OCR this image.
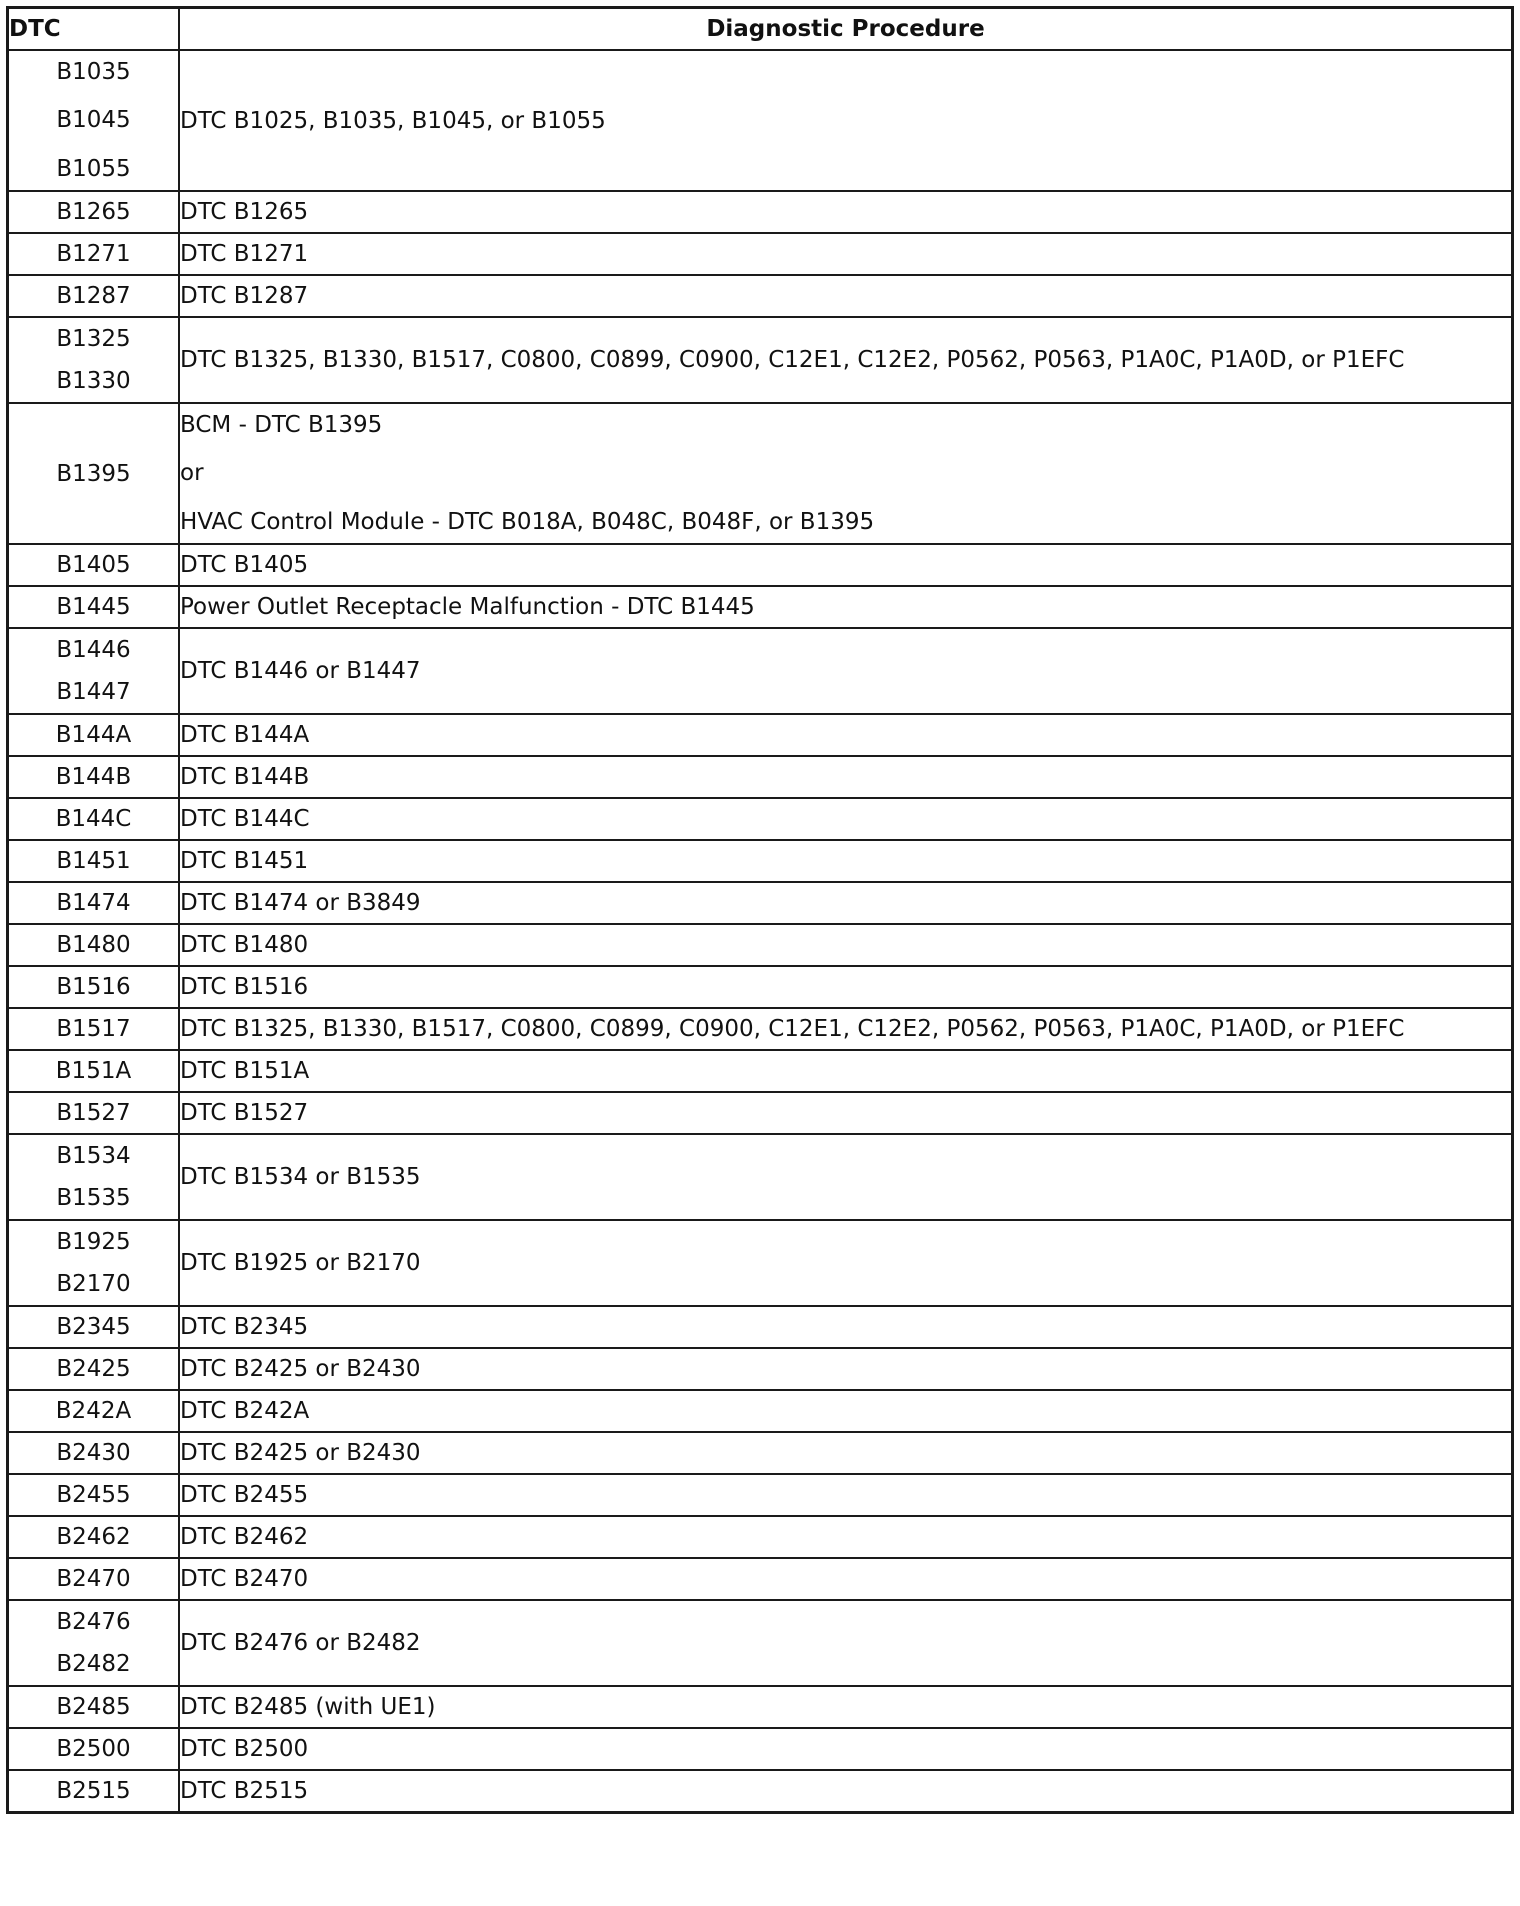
DTC	Diagnostic Procedure

B1035
B1045
B1055	DTC B1025, B1035, B1045, or B1055

B1265	DTC B1265

B1271	DTC B1271

B1287	DTC B1287

B1325
B1330	DTC B1325, B1330, B1517, C0800, C0899, C0900, C12E1, C12E2, P0562, P0563, P1A0C, P1A0D, or P1EFC

B1395	BCM - DTC B1395
or
HVAC Control Module - DTC B018A, B048C, B048F, or B1395

B1405	DTC B1405

B1445	Power Outlet Receptacle Malfunction - DTC B1445

B1446
B1447	DTC B1446 or B1447

B144A	DTC B144A

B144B	DTC B144B

B144C	DTC B144C

B1451	DTC B1451

B1474	DTC B1474 or B3849

B1480	DTC B1480

B1516	DTC B1516

B1517	DTC B1325, B1330, B1517, C0800, C0899, C0900, C12E1, C12E2, P0562, P0563, P1A0C, P1A0D, or P1EFC

B151A	DTC B151A

B1527	DTC B1527

B1534
B1535	DTC B1534 or B1535

B1925
B2170	DTC B1925 or B2170

B2345	DTC B2345

B2425	DTC B2425 or B2430

B242A	DTC B242A

B2430	DTC B2425 or B2430

B2455	DTC B2455

B2462	DTC B2462

B2470	DTC B2470

B2476
B2482	DTC B2476 or B2482

B2485	DTC B2485 (with UE1)

B2500	DTC B2500

B2515	DTC B2515
